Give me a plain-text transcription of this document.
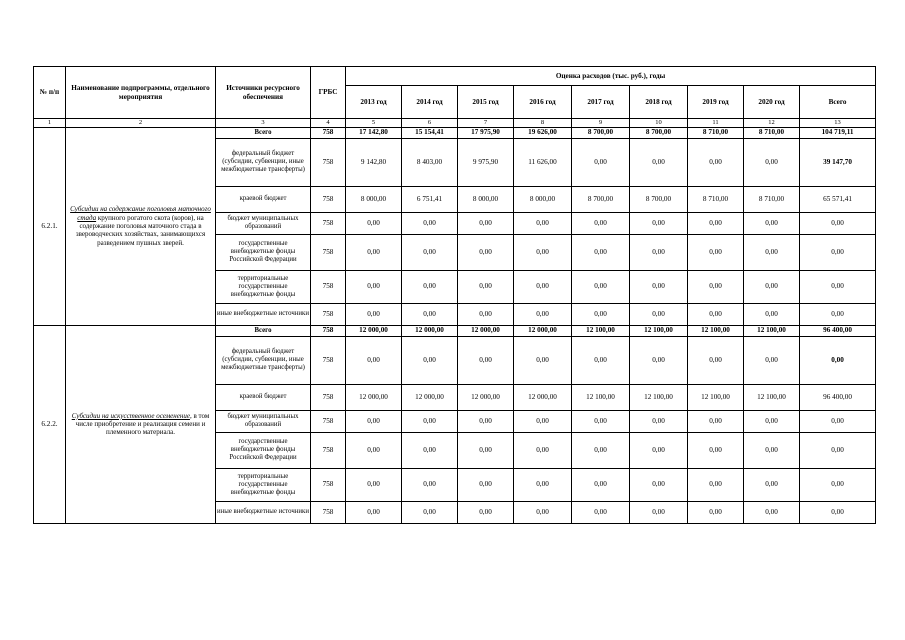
№ п/п	Наименование подпрограммы, отдельного мероприятия	Источники ресурсного обеспечения	ГРБС	Оценка расходов (тыс. руб.), годы								
				2013 год	2014 год	2015 год	2016 год	2017 год	2018 год	2019 год	2020 год	Всего
1	2	3	4	5	6	7	8	9	10	11	12	13
6.2.1.	Субсидии на содержание поголовья маточного стада крупного рогатого скота (коров), на содержание поголовья маточного стада в звероводческих хозяйствах, занимающихся разведением пушных зверей.	Всего	758	17 142,80	15 154,41	17 975,90	19 626,00	8 700,00	8 700,00	8 710,00	8 710,00	104 719,11
		федеральный бюджет (субсидии, субвенции, иные межбюджетные трансферты)	758	9 142,80	8 403,00	9 975,90	11 626,00	0,00	0,00	0,00	0,00	39 147,70
		краевой бюджет	758	8 000,00	6 751,41	8 000,00	8 000,00	8 700,00	8 700,00	8 710,00	8 710,00	65 571,41
		бюджет муниципальных образований	758	0,00	0,00	0,00	0,00	0,00	0,00	0,00	0,00	0,00
		государственные внебюджетные фонды Российской Федерации	758	0,00	0,00	0,00	0,00	0,00	0,00	0,00	0,00	0,00
		территориальные государственные внебюджетные фонды	758	0,00	0,00	0,00	0,00	0,00	0,00	0,00	0,00	0,00
		иные внебюджетные источники	758	0,00	0,00	0,00	0,00	0,00	0,00	0,00	0,00	0,00
6.2.2.	Субсидии на искусственное осеменение, в том числе приобретение и реализация семени и племенного материала.	Всего	758	12 000,00	12 000,00	12 000,00	12 000,00	12 100,00	12 100,00	12 100,00	12 100,00	96 400,00
		федеральный бюджет (субсидии, субвенции, иные межбюджетные трансферты)	758	0,00	0,00	0,00	0,00	0,00	0,00	0,00	0,00	0,00
		краевой бюджет	758	12 000,00	12 000,00	12 000,00	12 000,00	12 100,00	12 100,00	12 100,00	12 100,00	96 400,00
		бюджет муниципальных образований	758	0,00	0,00	0,00	0,00	0,00	0,00	0,00	0,00	0,00
		государственные внебюджетные фонды Российской Федерации	758	0,00	0,00	0,00	0,00	0,00	0,00	0,00	0,00	0,00
		территориальные государственные внебюджетные фонды	758	0,00	0,00	0,00	0,00	0,00	0,00	0,00	0,00	0,00
		иные внебюджетные источники	758	0,00	0,00	0,00	0,00	0,00	0,00	0,00	0,00	0,00
